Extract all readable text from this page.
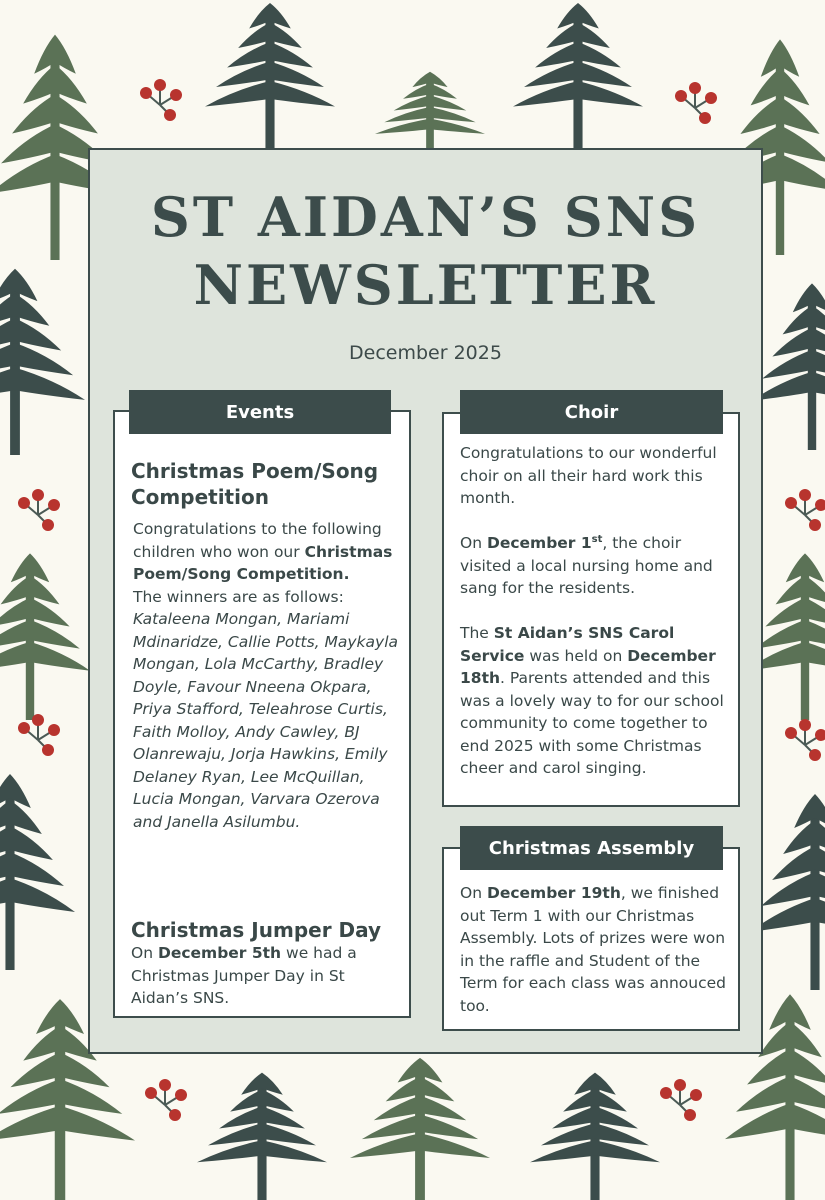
ST AIDAN’S SNS
NEWSLETTER
December 2025
Christmas Poem/Song Competition
Congratulations to the following children who won our Christmas Poem/Song Competition.
The winners are as follows:
Kataleena Mongan, Mariami Mdinaridze, Callie Potts, Maykayla Mongan, Lola McCarthy, Bradley Doyle, Favour Nneena Okpara, Priya Stafford, Teleahrose Curtis, Faith Molloy, Andy Cawley, BJ Olanrewaju, Jorja Hawkins, Emily Delaney Ryan, Lee McQuillan, Lucia Mongan, Varvara Ozerova and Janella Asilumbu.
Christmas Jumper Day
On December 5th we had a Christmas Jumper Day in St Aidan’s SNS.
Events
Congratulations to our wonderful choir on all their hard work this month.

On December 1st, the choir visited a local nursing home and sang for the residents.

The St Aidan’s SNS Carol Service was held on December 18th. Parents attended and this was a lovely way to for our school community to come together to end 2025 with some Christmas cheer and carol singing.
Choir
On December 19th, we finished out Term 1 with our Christmas Assembly. Lots of prizes were won in the raffle and Student of the Term for each class was annouced too.
Christmas Assembly
